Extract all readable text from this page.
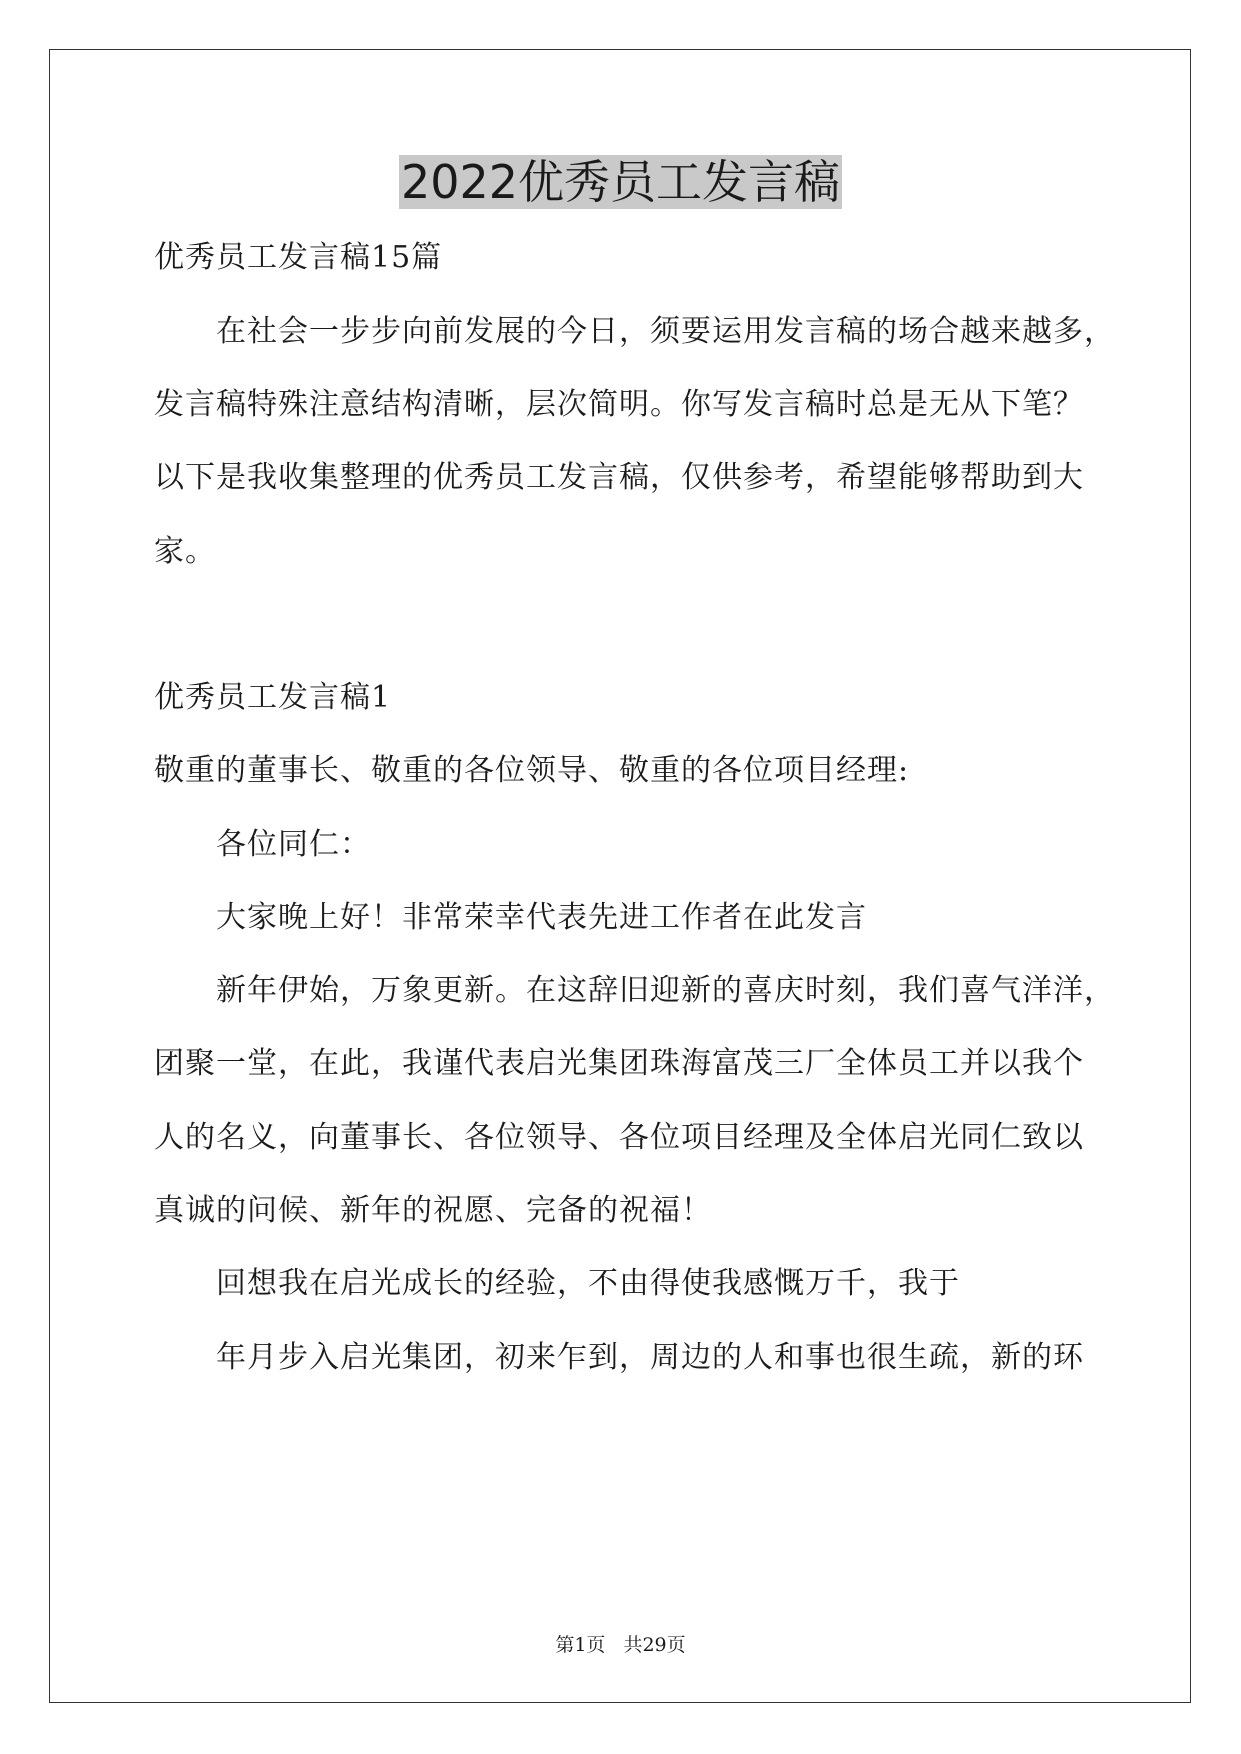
2022优秀员工发言稿
优秀员工发言稿15篇
在社会一步步向前发展的今日，须要运用发言稿的场合越来越多，
发言稿特殊注意结构清晰，层次简明。你写发言稿时总是无从下笔？
以下是我收集整理的优秀员工发言稿，仅供参考，希望能够帮助到大
家。
优秀员工发言稿1
敬重的董事长、敬重的各位领导、敬重的各位项目经理:
各位同仁：
大家晚上好！非常荣幸代表先进工作者在此发言
新年伊始，万象更新。在这辞旧迎新的喜庆时刻，我们喜气洋洋，
团聚一堂，在此，我谨代表启光集团珠海富茂三厂全体员工并以我个
人的名义，向董事长、各位领导、各位项目经理及全体启光同仁致以
真诚的问候、新年的祝愿、完备的祝福！
回想我在启光成长的经验，不由得使我感慨万千，我于
年月步入启光集团，初来乍到，周边的人和事也很生疏，新的环
第1页 共29页
